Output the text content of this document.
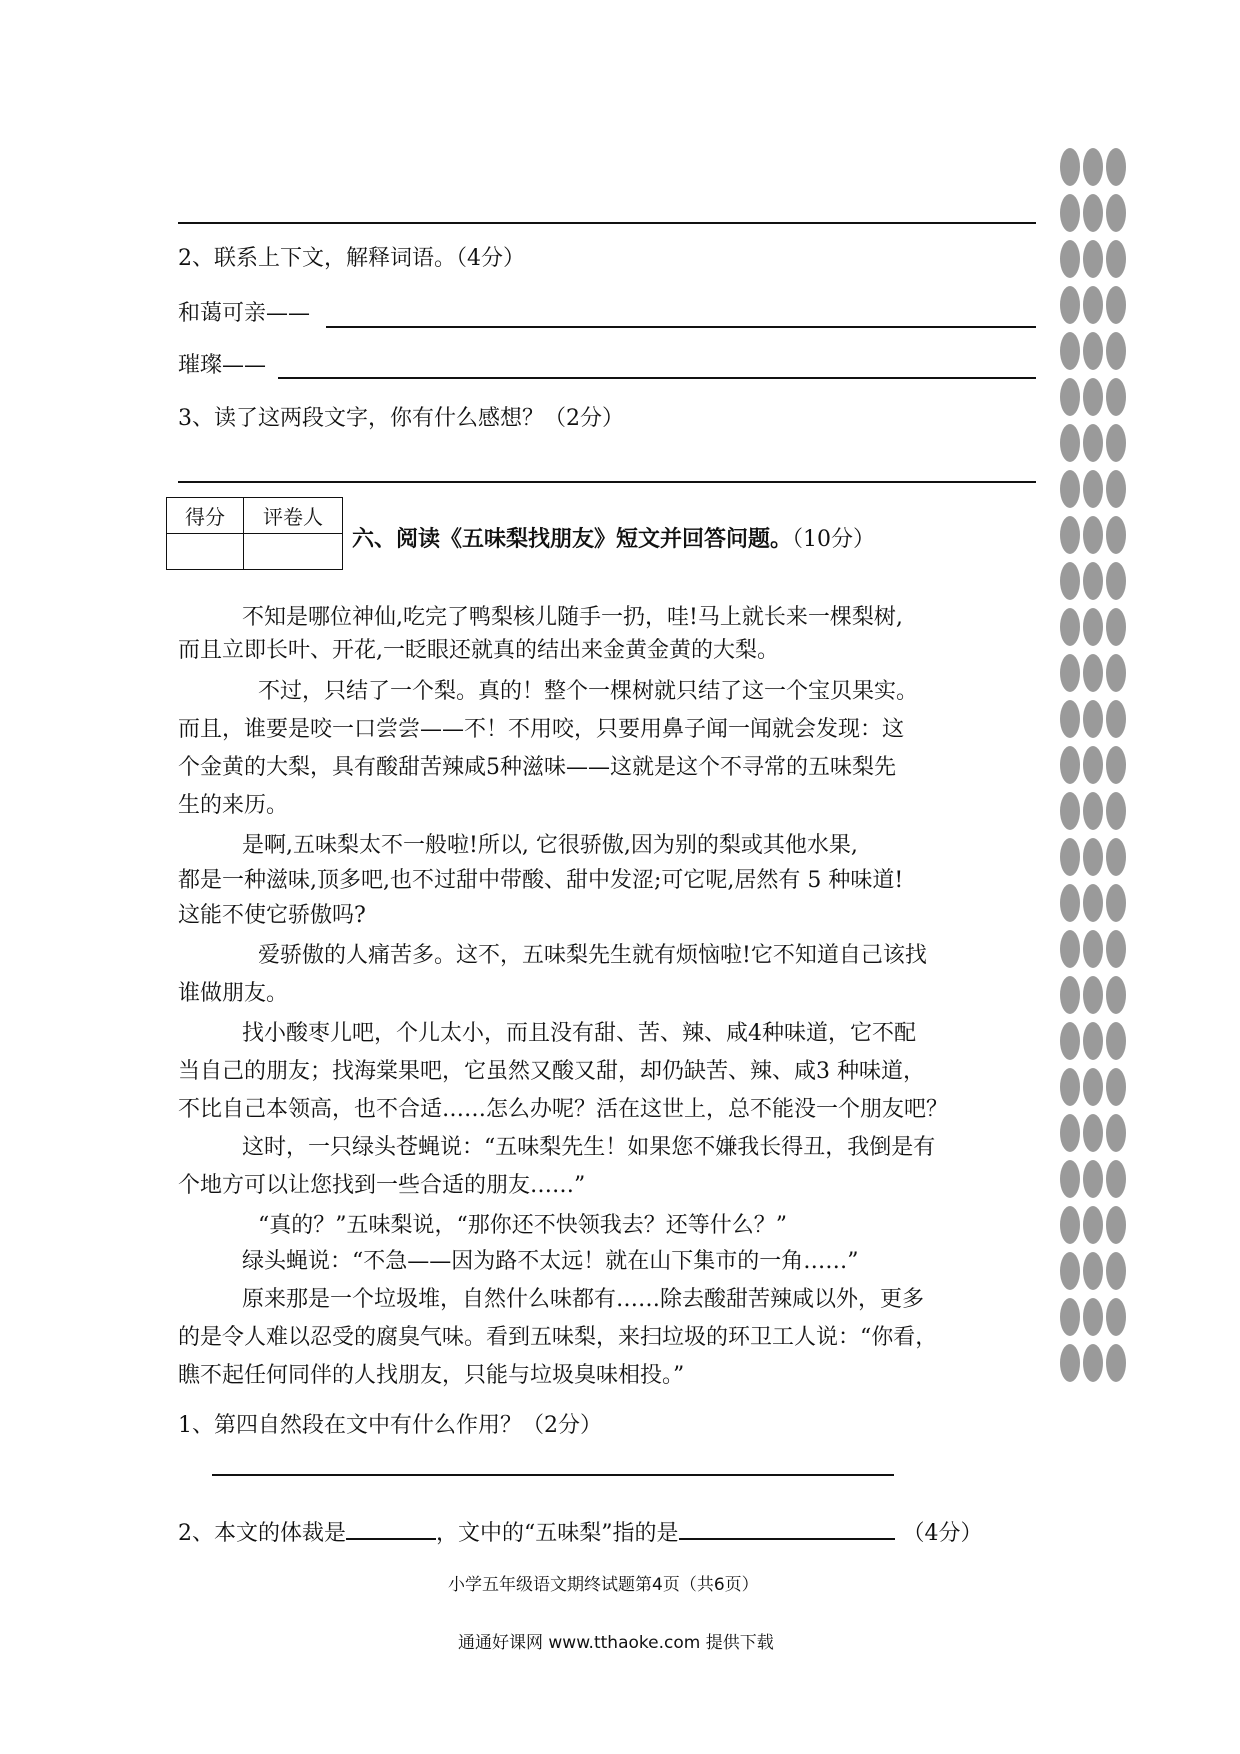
2、联系上下文，解释词语。（4分）
和蔼可亲——
璀璨——
3、读了这两段文字，你有什么感想？（2分）
得分	评卷人

六、阅读《五味梨找朋友》短文并回答问题。（10分）
不知是哪位神仙,吃完了鸭梨核儿随手一扔，哇!马上就长来一棵梨树,
而且立即长叶、开花,一眨眼还就真的结出来金黄金黄的大梨。
不过，只结了一个梨。真的！整个一棵树就只结了这一个宝贝果实。
而且，谁要是咬一口尝尝——不！不用咬，只要用鼻子闻一闻就会发现：这
个金黄的大梨，具有酸甜苦辣咸5种滋味——这就是这个不寻常的五味梨先
生的来历。
是啊,五味梨太不一般啦!所以, 它很骄傲,因为别的梨或其他水果,
都是一种滋味,顶多吧,也不过甜中带酸、甜中发涩;可它呢,居然有 5 种味道!
这能不使它骄傲吗?
爱骄傲的人痛苦多。这不，五味梨先生就有烦恼啦!它不知道自己该找
谁做朋友。
找小酸枣儿吧，个儿太小，而且没有甜、苦、辣、咸4种味道，它不配
当自己的朋友；找海棠果吧，它虽然又酸又甜，却仍缺苦、辣、咸3 种味道，
不比自己本领高，也不合适……怎么办呢？活在这世上，总不能没一个朋友吧？
这时，一只绿头苍蝇说：“五味梨先生！如果您不嫌我长得丑，我倒是有
个地方可以让您找到一些合适的朋友……”
“真的？”五味梨说，“那你还不快领我去？还等什么？”
绿头蝇说：“不急——因为路不太远！就在山下集市的一角……”
原来那是一个垃圾堆，自然什么味都有……除去酸甜苦辣咸以外，更多
的是令人难以忍受的腐臭气味。看到五味梨，来扫垃圾的环卫工人说：“你看，
瞧不起任何同伴的人找朋友，只能与垃圾臭味相投。”
1、第四自然段在文中有什么作用？（2分）
2、本文的体裁是	，文中的“五味梨”指的是	（4分）
小学五年级语文期终试题第4页（共6页）
通通好课网 www.tthaoke.com 提供下载
